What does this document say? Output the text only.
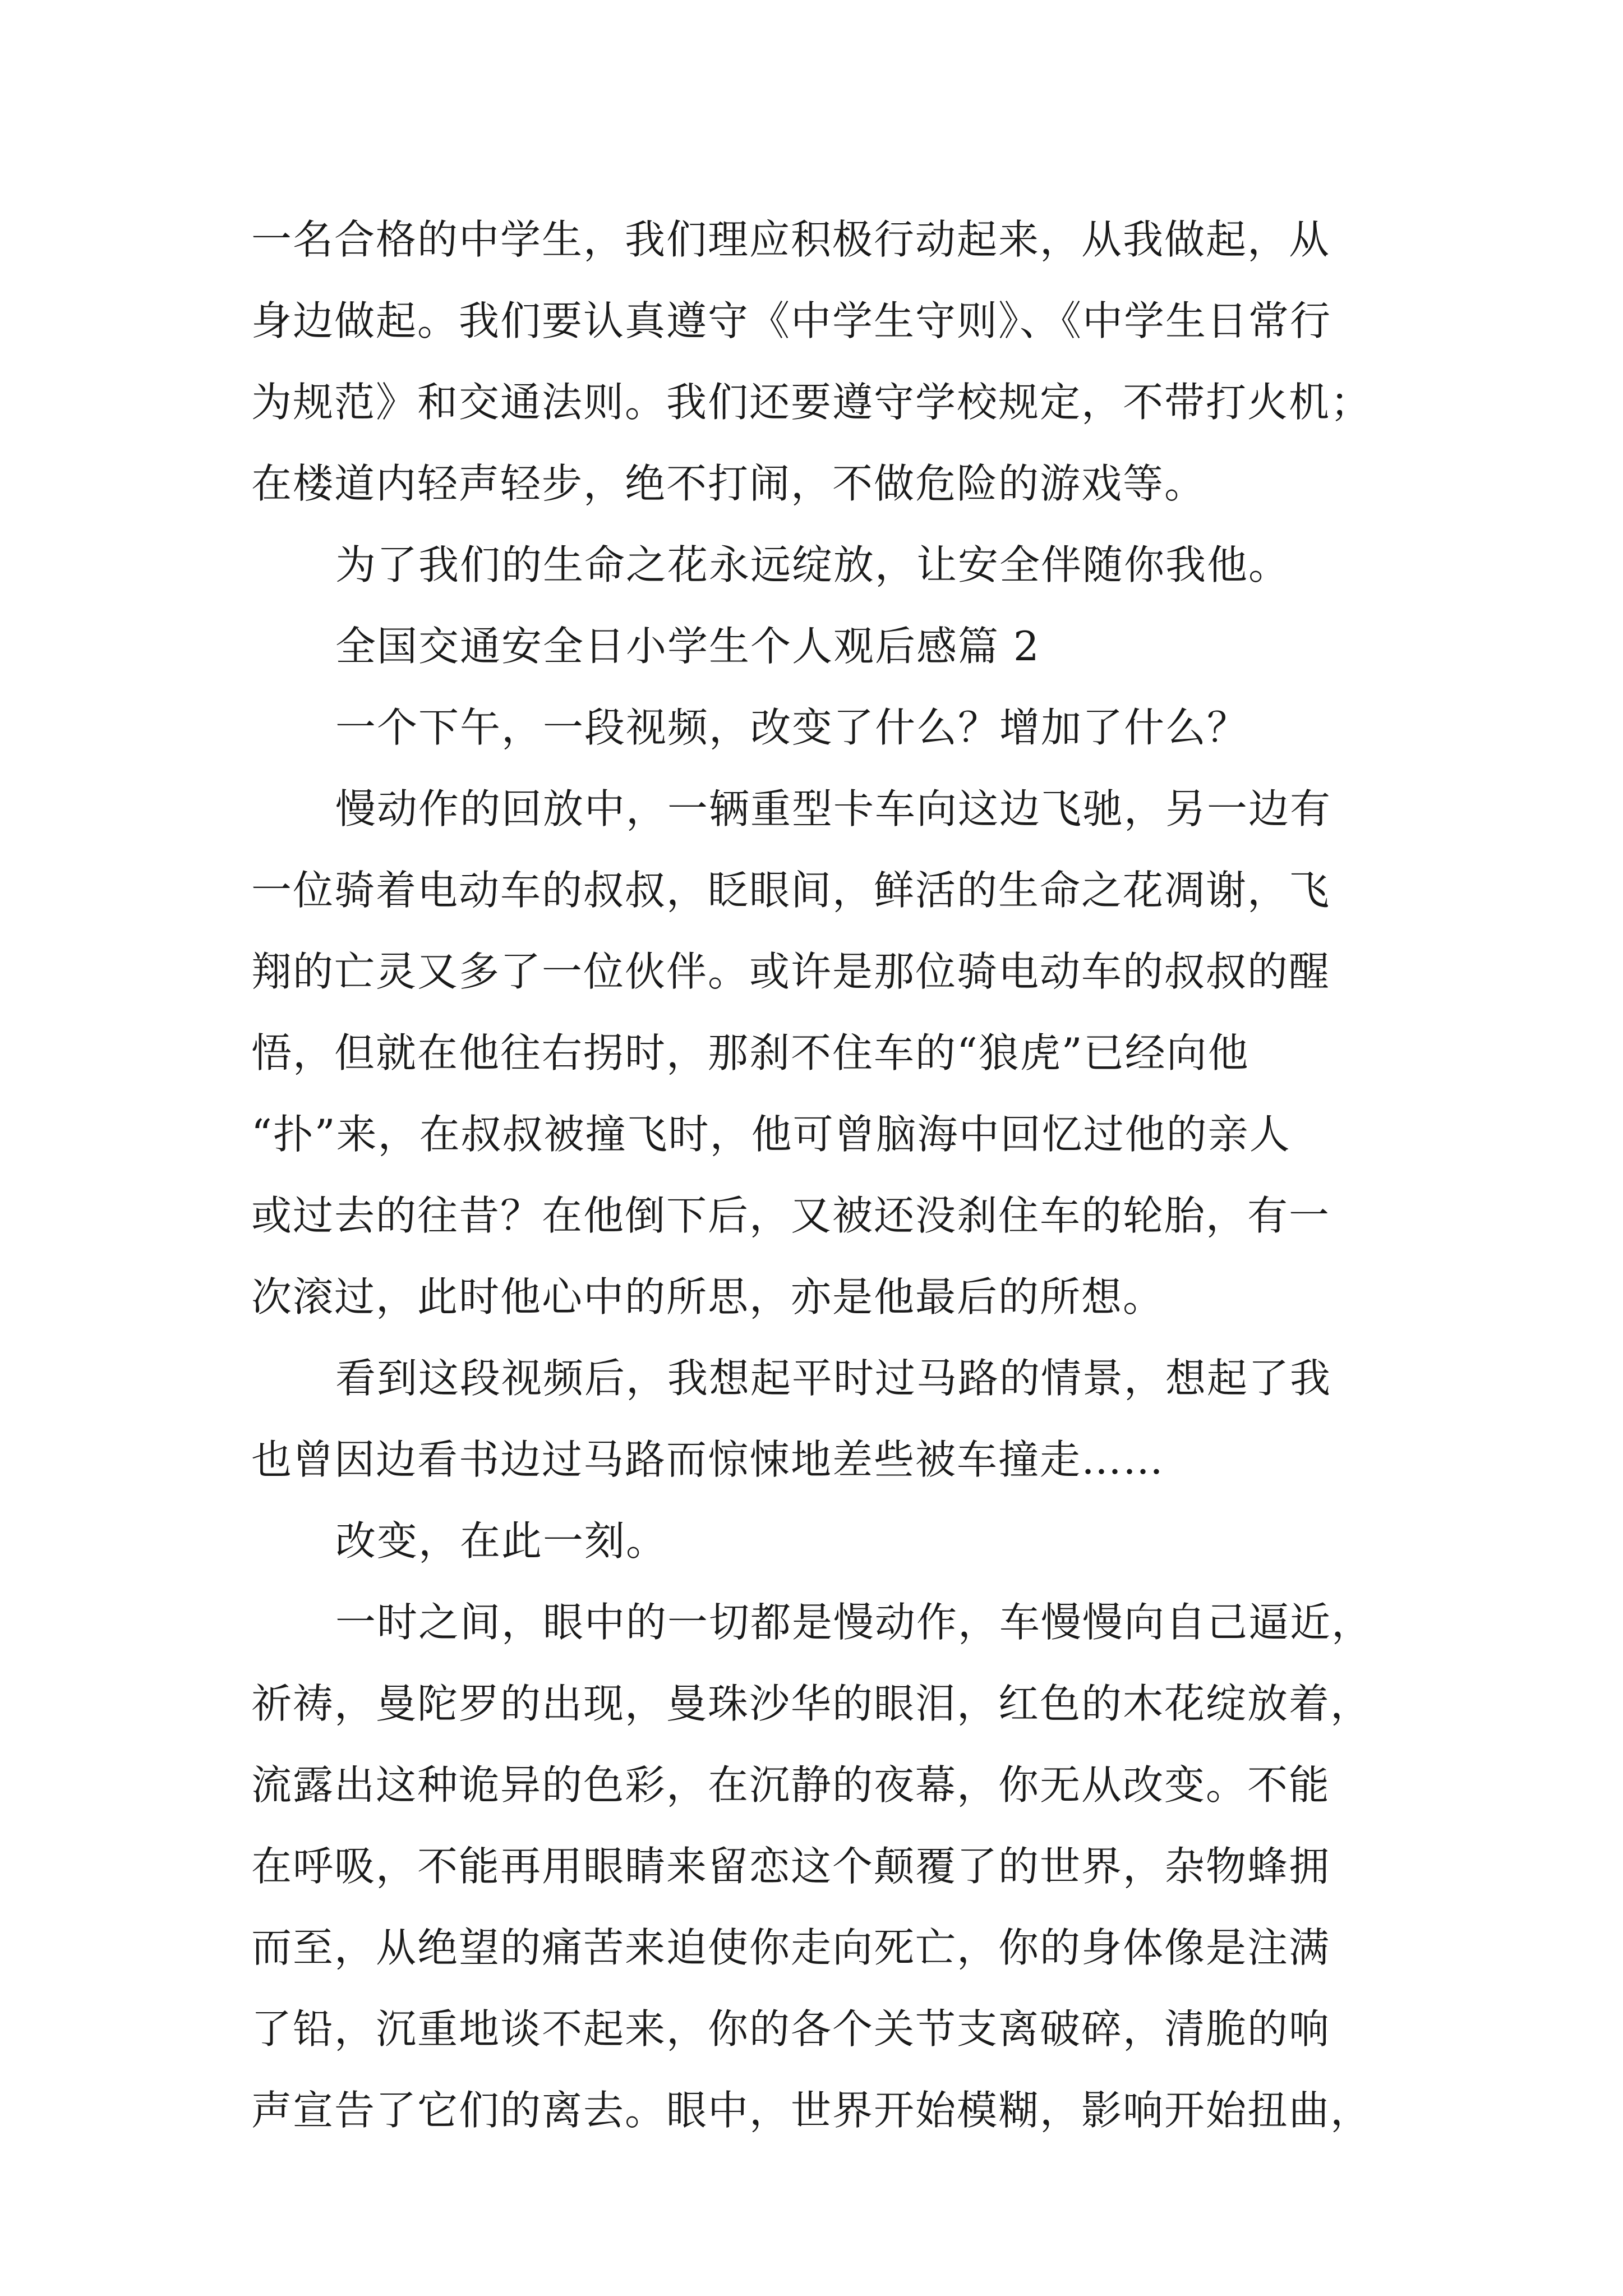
一名合格的中学生，我们理应积极行动起来，从我做起，从
身边做起。我们要认真遵守《中学生守则》、《中学生日常行
为规范》和交通法则。我们还要遵守学校规定，不带打火机；
在楼道内轻声轻步，绝不打闹，不做危险的游戏等。
为了我们的生命之花永远绽放，让安全伴随你我他。
全国交通安全日小学生个人观后感篇 2
一个下午，一段视频，改变了什么？增加了什么？
慢动作的回放中，一辆重型卡车向这边飞驰，另一边有
一位骑着电动车的叔叔，眨眼间，鲜活的生命之花凋谢，飞
翔的亡灵又多了一位伙伴。或许是那位骑电动车的叔叔的醒
悟，但就在他往右拐时，那刹不住车的“狼虎”已经向他
“扑”来，在叔叔被撞飞时，他可曾脑海中回忆过他的亲人
或过去的往昔？在他倒下后，又被还没刹住车的轮胎，有一
次滚过，此时他心中的所思，亦是他最后的所想。
看到这段视频后，我想起平时过马路的情景，想起了我
也曾因边看书边过马路而惊悚地差些被车撞走……
改变，在此一刻。
一时之间，眼中的一切都是慢动作，车慢慢向自己逼近，
祈祷，曼陀罗的出现，曼珠沙华的眼泪，红色的木花绽放着，
流露出这种诡异的色彩，在沉静的夜幕，你无从改变。不能
在呼吸，不能再用眼睛来留恋这个颠覆了的世界，杂物蜂拥
而至，从绝望的痛苦来迫使你走向死亡，你的身体像是注满
了铅，沉重地谈不起来，你的各个关节支离破碎，清脆的响
声宣告了它们的离去。眼中，世界开始模糊，影响开始扭曲，
